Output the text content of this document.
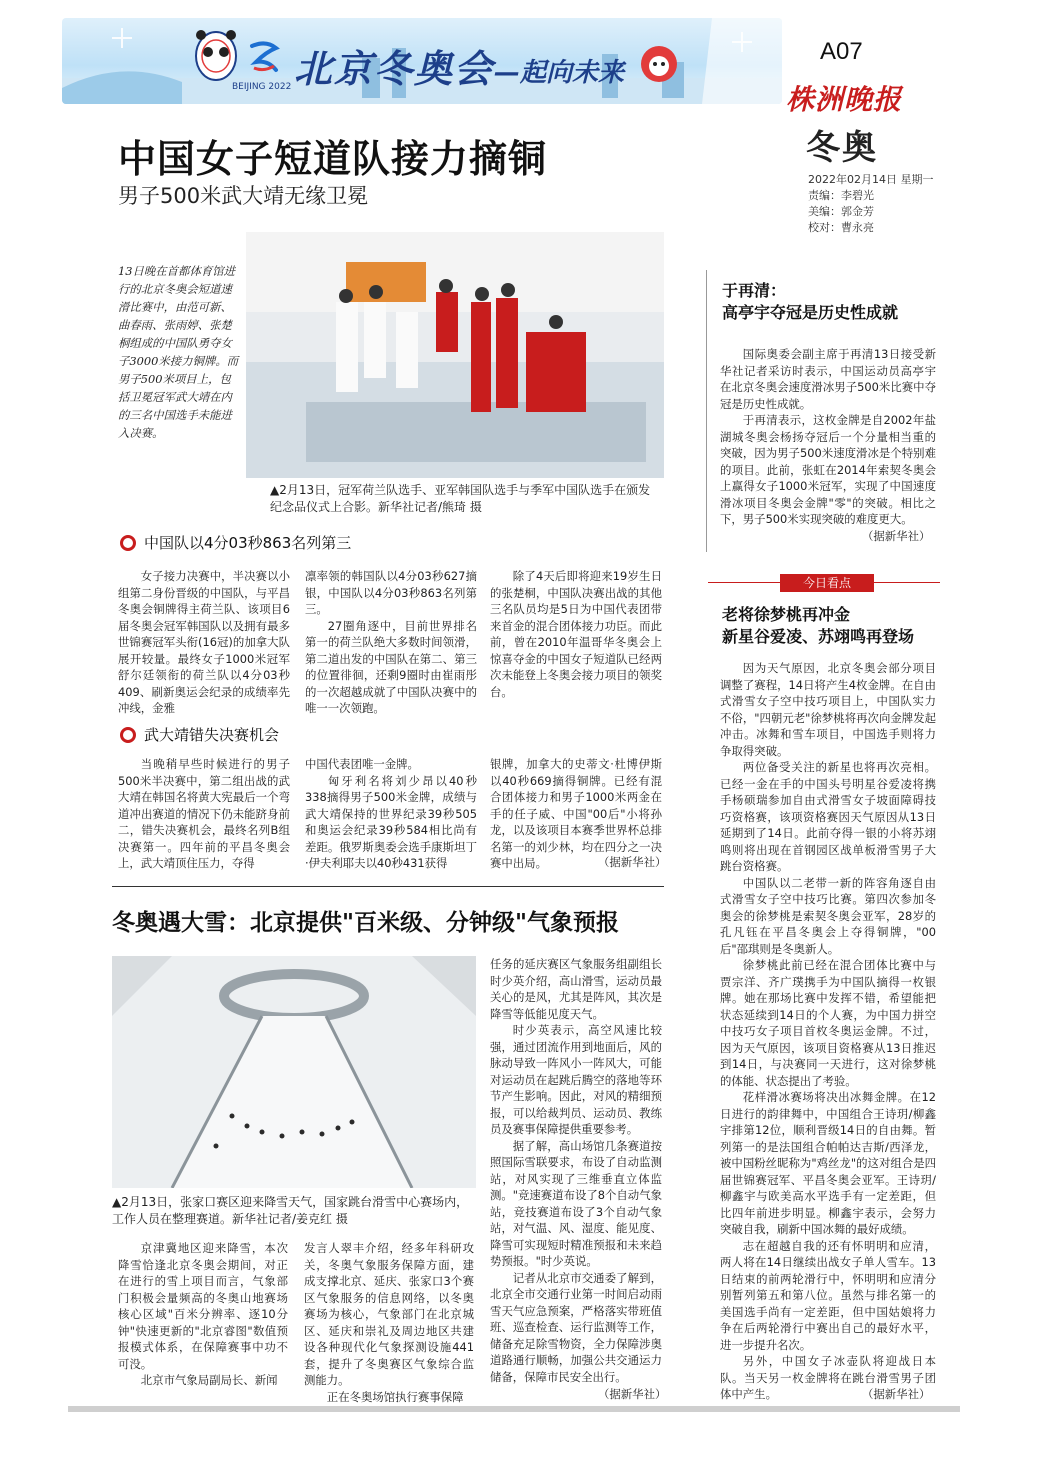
BEIJING 2022 北京冬奥会 —起向未来
A07
株洲晚报
冬奥
2022年02月14日 星期一
责编：李碧光
美编：郭金芳
校对：曹永亮
中国女子短道队接力摘铜
男子500米武大靖无缘卫冕
13日晚在首都体育馆进行的北京冬奥会短道速滑比赛中，由范可新、曲春雨、张雨婷、张楚桐组成的中国队勇夺女子3000米接力铜牌。而男子500米项目上，包括卫冕冠军武大靖在内的三名中国选手未能进入决赛。
▲2月13日，冠军荷兰队选手、亚军韩国队选手与季军中国队选手在颁发纪念品仪式上合影。新华社记者/熊琦 摄
中国队以4分03秒863名列第三

女子接力决赛中，半决赛以小组第二身份晋级的中国队，与平昌冬奥会铜牌得主荷兰队、该项目6届冬奥会冠军韩国队以及拥有最多世锦赛冠军头衔(16冠)的加拿大队展开较量。最终女子1000米冠军舒尔廷领衔的荷兰队以4分03秒409、刷新奥运会纪录的成绩率先冲线，金雅

凛率领的韩国队以4分03秒627摘银，中国队以4分03秒863名列第三。

27圈角逐中，目前世界排名第一的荷兰队绝大多数时间领滑，第二道出发的中国队在第二、第三的位置徘徊，还剩9圈时由崔雨彤的一次超越成就了中国队决赛中的唯一一次领跑。

除了4天后即将迎来19岁生日的张楚桐，中国队决赛出战的其他三名队员均是5日为中国代表团带来首金的混合团体接力功臣。而此前，曾在2010年温哥华冬奥会上惊喜夺金的中国女子短道队已经两次未能登上冬奥会接力项目的领奖台。

武大靖错失决赛机会

当晚稍早些时候进行的男子500米半决赛中，第二组出战的武大靖在韩国名将黄大宪最后一个弯道冲出赛道的情况下仍未能跻身前二，错失决赛机会，最终名列B组决赛第一。四年前的平昌冬奥会上，武大靖顶住压力，夺得

中国代表团唯一金牌。

匈牙利名将刘少昂以40秒338摘得男子500米金牌，成绩与武大靖保持的世界纪录39秒505和奥运会纪录39秒584相比尚有差距。俄罗斯奥委会选手康斯坦丁·伊夫利耶夫以40秒431获得

银牌，加拿大的史蒂文·杜博伊斯以40秒669摘得铜牌。已经有混合团体接力和男子1000米两金在手的任子威、中国"00后"小将孙龙，以及该项目本赛季世界杯总排名第一的刘少林，均在四分之一决赛中出局。	（据新华社）
冬奥遇大雪：北京提供"百米级、分钟级"气象预报
▲2月13日，张家口赛区迎来降雪天气，国家跳台滑雪中心赛场内，工作人员在整理赛道。新华社记者/姜克红 摄

京津冀地区迎来降雪，本次降雪恰逢北京冬奥会期间，对正在进行的雪上项目而言，气象部门积极会量频高的冬奥山地赛场核心区域"百米分辨率、逐10分钟"快速更新的"北京睿图"数值预报模式体系，在保障赛事中功不可没。

北京市气象局副局长、新闻

发言人翠丰介绍，经多年科研攻关，冬奥气象服务保障方面，建成支撑北京、延庆、张家口3个赛区气象服务的信息网络，以冬奥赛场为核心，气象部门在北京城区、延庆和崇礼及周边地区共建设各种现代化气象探测设施441套，提升了冬奥赛区气象综合监测能力。

正在冬奥场馆执行赛事保障

任务的延庆赛区气象服务组副组长时少英介绍，高山滑雪，运动员最关心的是风，尤其是阵风，其次是降雪等低能见度天气。

时少英表示，高空风速比较强，通过团流作用到地面后，风的脉动导致一阵风小一阵风大，可能对运动员在起跳后腾空的落地等环节产生影响。因此，对风的精细预报，可以给裁判员、运动员、教练员及赛事保障提供重要参考。

据了解，高山场馆几条赛道按照国际雪联要求，布设了自动监测站，对风实现了三维垂直立体监测。"竞速赛道布设了8个自动气象站，竞技赛道布设了3个自动气象站，对气温、风、湿度、能见度、降雪可实现短时精准预报和未来趋势预报。"时少英说。

记者从北京市交通委了解到，北京全市交通行业第一时间启动雨雪天气应急预案，严格落实带班值班、巡查检查、运行监测等工作，储备充足除雪物资，全力保障涉奥道路通行顺畅，加强公共交通运力储备，保障市民安全出行。

（据新华社）
于再清：
高亭宇夺冠是历史性成就

国际奥委会副主席于再清13日接受新华社记者采访时表示，中国运动员高亭宇在北京冬奥会速度滑冰男子500米比赛中夺冠是历史性成就。

于再清表示，这枚金牌是自2002年盐湖城冬奥会杨扬夺冠后一个分量相当重的突破，因为男子500米速度滑冰是个特别难的项目。此前，张虹在2014年索契冬奥会上赢得女子1000米冠军，实现了中国速度滑冰项目冬奥会金牌"零"的突破。相比之下，男子500米实现突破的难度更大。

（据新华社）
今日看点
老将徐梦桃再冲金
新星谷爱凌、苏翊鸣再登场

因为天气原因，北京冬奥会部分项目调整了赛程，14日将产生4枚金牌。在自由式滑雪女子空中技巧项目上，中国队实力不俗，"四朝元老"徐梦桃将再次向金牌发起冲击。冰舞和雪车项目，中国选手则将力争取得突破。

两位备受关注的新星也将再次亮相。已经一金在手的中国头号明星谷爱凌将携手杨硕瑞参加自由式滑雪女子坡面障碍技巧资格赛，该项资格赛因天气原因从13日延期到了14日。此前夺得一银的小将苏翊鸣则将出现在首钢园区战单板滑雪男子大跳台资格赛。

中国队以二老带一新的阵容角逐自由式滑雪女子空中技巧比赛。第四次参加冬奥会的徐梦桃是索契冬奥会亚军，28岁的孔凡钰在平昌冬奥会上夺得铜牌，"00后"邵琪则是冬奥新人。

徐梦桃此前已经在混合团体比赛中与贾宗洋、齐广璞携手为中国队摘得一枚银牌。她在那场比赛中发挥不错，希望能把状态延续到14日的个人赛，为中国力拼空中技巧女子项目首枚冬奥运金牌。不过，因为天气原因，该项目资格赛从13日推迟到14日，与决赛同一天进行，这对徐梦桃的体能、状态提出了考验。

花样滑冰赛场将决出冰舞金牌。在12日进行的韵律舞中，中国组合王诗玥/柳鑫宇排第12位，顺利晋级14日的自由舞。暂列第一的是法国组合帕帕达吉斯/西泽龙，被中国粉丝昵称为"鸡丝龙"的这对组合是四届世锦赛冠军、平昌冬奥会亚军。王诗玥/柳鑫宇与欧美高水平选手有一定差距，但比四年前进步明显。柳鑫宇表示，会努力突破自我，刷新中国冰舞的最好成绩。

志在超越自我的还有怀明明和应清，两人将在14日继续出战女子单人雪车。13日结束的前两轮滑行中，怀明明和应清分别暂列第五和第八位。虽然与排名第一的美国选手尚有一定差距，但中国姑娘将力争在后两轮滑行中赛出自己的最好水平，进一步提升名次。

另外，中国女子冰壶队将迎战日本队。当天另一枚金牌将在跳台滑雪男子团体中产生。	（据新华社）
